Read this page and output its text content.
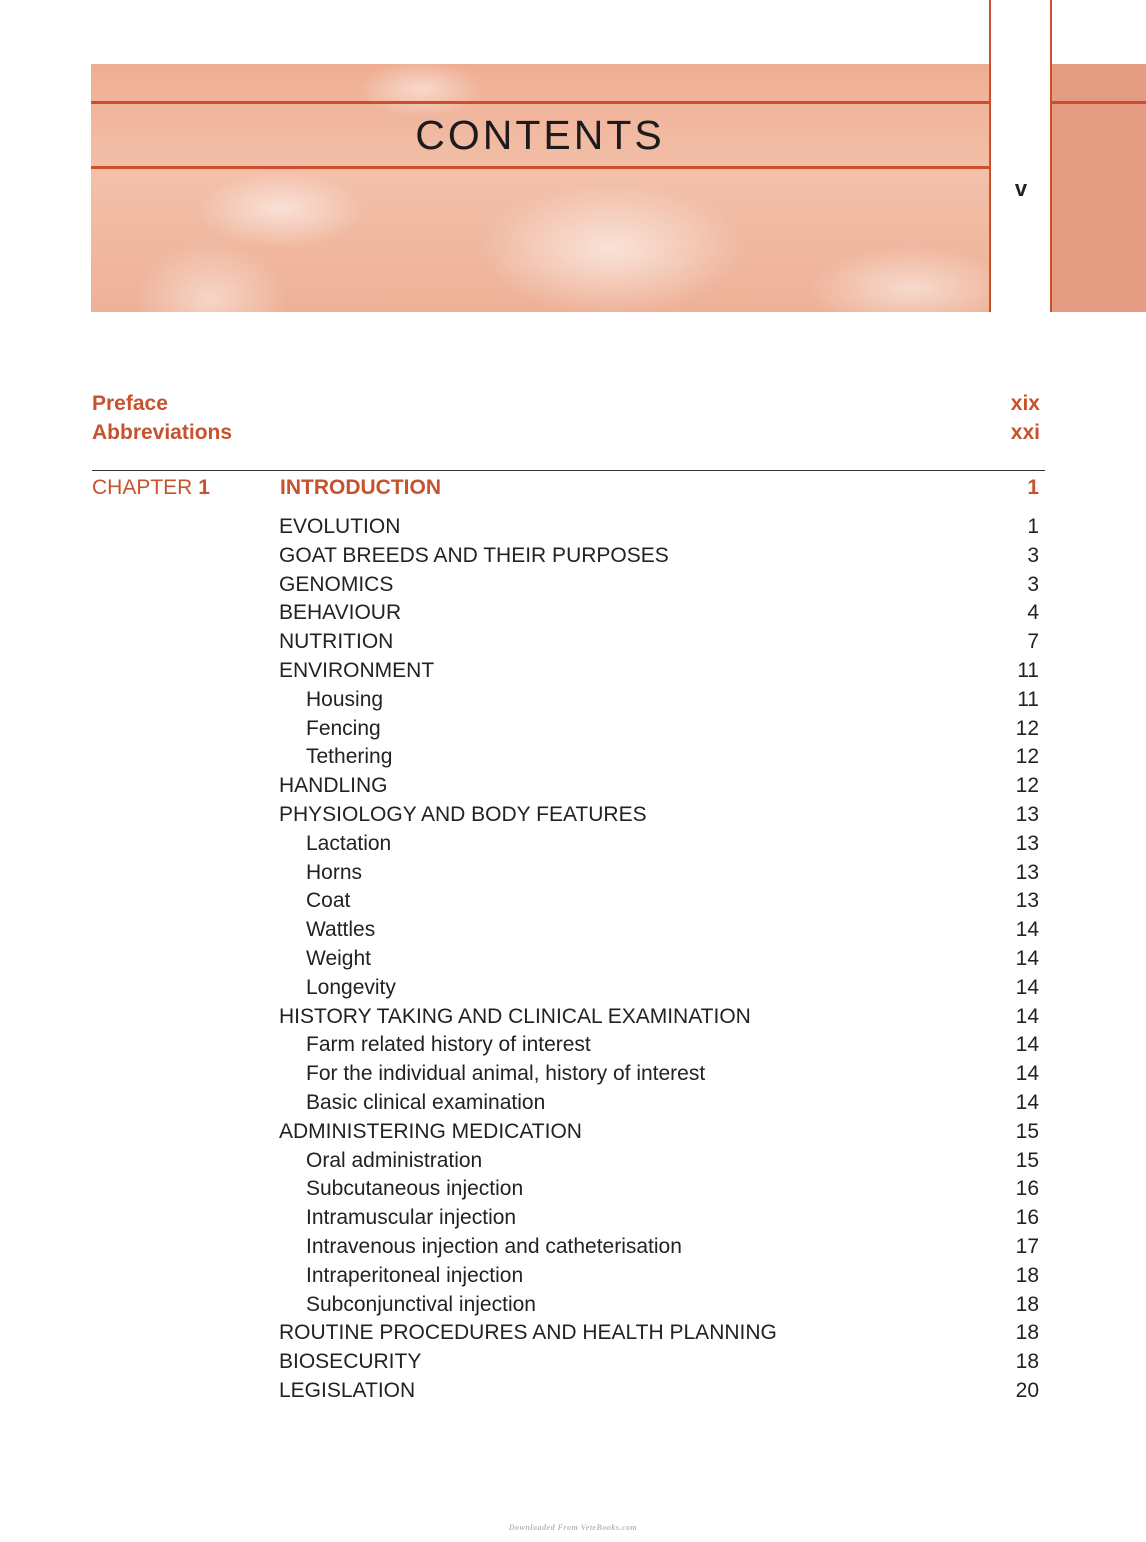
CONTENTS
v
Preface	xix
Abbreviations	xxi
CHAPTER 1	INTRODUCTION	1
EVOLUTION	1
GOAT BREEDS AND THEIR PURPOSES	3
GENOMICS	3
BEHAVIOUR	4
NUTRITION	7
ENVIRONMENT	11
Housing	11
Fencing	12
Tethering	12
HANDLING	12
PHYSIOLOGY AND BODY FEATURES	13
Lactation	13
Horns	13
Coat	13
Wattles	14
Weight	14
Longevity	14
HISTORY TAKING AND CLINICAL EXAMINATION	14
Farm related history of interest	14
For the individual animal, history of interest	14
Basic clinical examination	14
ADMINISTERING MEDICATION	15
Oral administration	15
Subcutaneous injection	16
Intramuscular injection	16
Intravenous injection and catheterisation	17
Intraperitoneal injection	18
Subconjunctival injection	18
ROUTINE PROCEDURES AND HEALTH PLANNING	18
BIOSECURITY	18
LEGISLATION	20
Downloaded From VeteBooks.com
